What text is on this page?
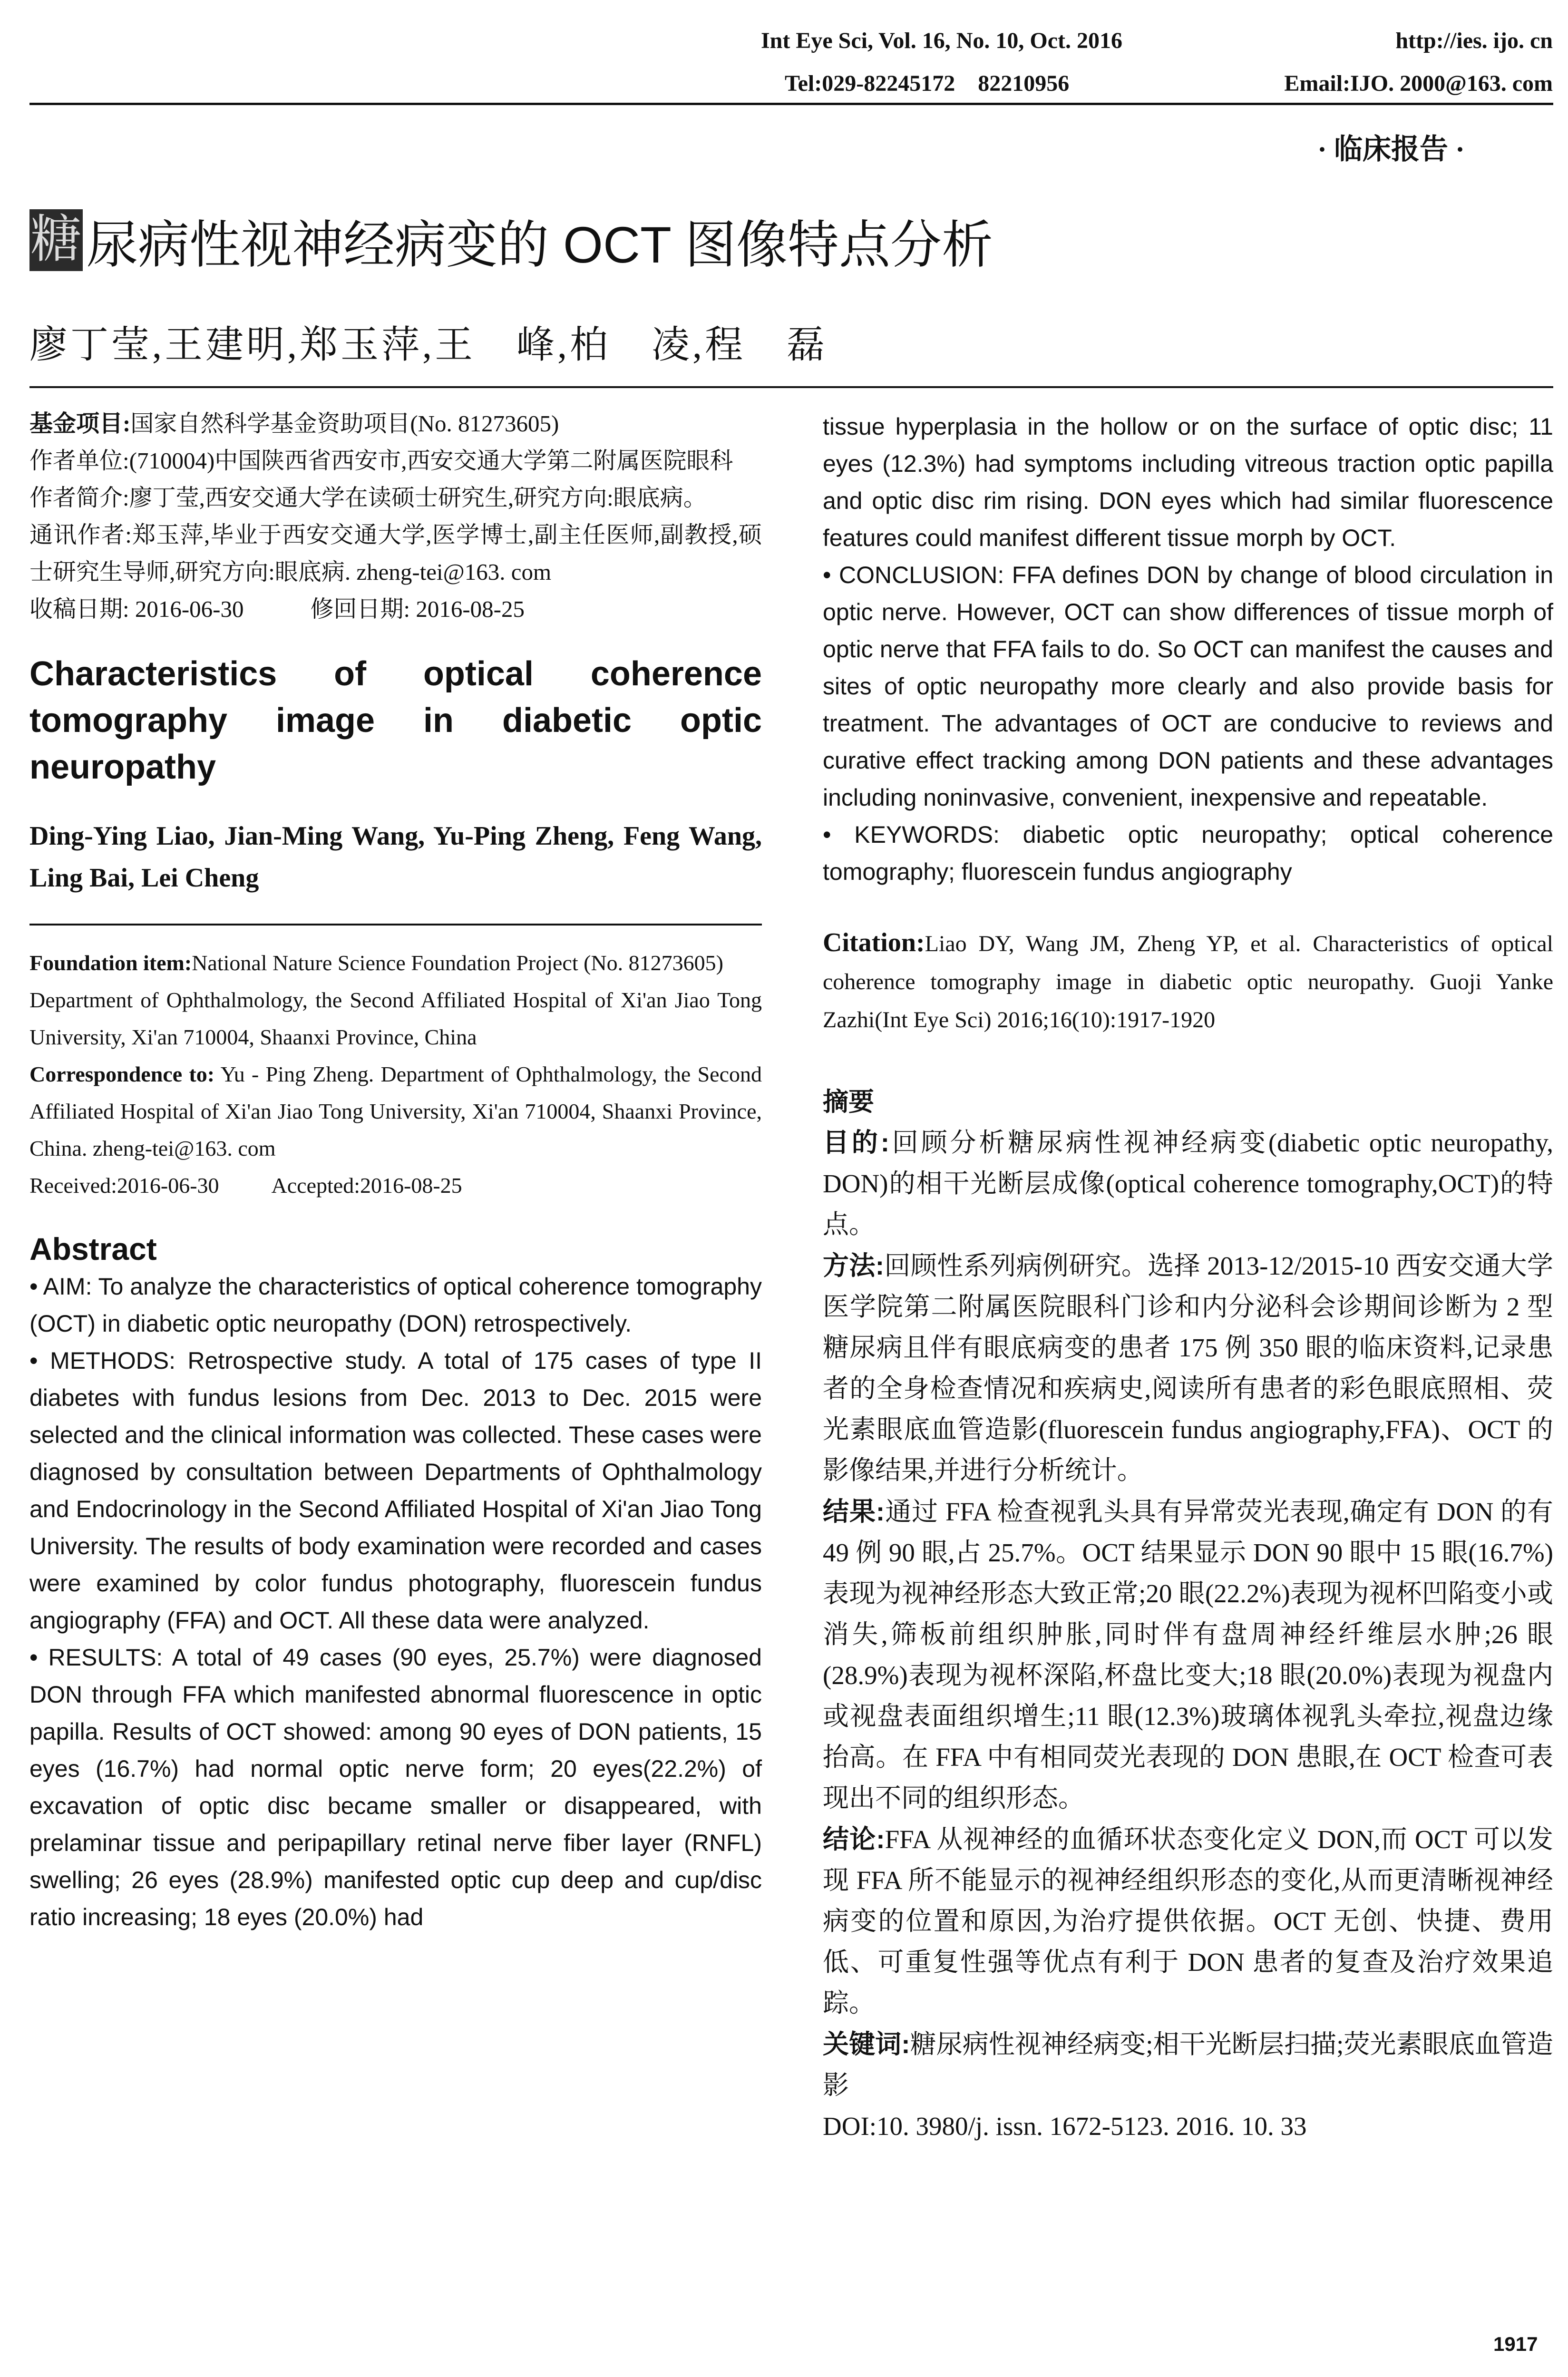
Int Eye Sci, Vol. 16, No. 10, Oct. 2016	http://ies. ijo. cn
Tel:029-82245172    82210956	Email:IJO. 2000@163. com
· 临床报告 ·
糖 尿病性视神经病变的 OCT 图像特点分析
廖丁莹,王建明,郑玉萍,王　峰,柏　凌,程　磊
基金项目:国家自然科学基金资助项目(No. 81273605)
作者单位:(710004)中国陕西省西安市,西安交通大学第二附属医院眼科
作者简介:廖丁莹,西安交通大学在读硕士研究生,研究方向:眼底病。
通讯作者:郑玉萍,毕业于西安交通大学,医学博士,副主任医师,副教授,硕士研究生导师,研究方向:眼底病. zheng-tei@163. com
收稿日期: 2016-06-30	修回日期: 2016-08-25
Characteristics of optical coherence tomography image in diabetic optic neuropathy
Ding-Ying Liao, Jian-Ming Wang, Yu-Ping Zheng, Feng Wang, Ling Bai, Lei Cheng
Foundation item:National Nature Science Foundation Project (No. 81273605)
Department of Ophthalmology, the Second Affiliated Hospital of Xi'an Jiao Tong University, Xi'an 710004, Shaanxi Province, China
Correspondence to: Yu - Ping Zheng. Department of Ophthalmology, the Second Affiliated Hospital of Xi'an Jiao Tong University, Xi'an 710004, Shaanxi Province, China. zheng-tei@163. com
Received:2016-06-30 Accepted:2016-08-25
Abstract
• AIM: To analyze the characteristics of optical coherence tomography (OCT) in diabetic optic neuropathy (DON) retrospectively.
• METHODS: Retrospective study. A total of 175 cases of type II diabetes with fundus lesions from Dec. 2013 to Dec. 2015 were selected and the clinical information was collected. These cases were diagnosed by consultation between Departments of Ophthalmology and Endocrinology in the Second Affiliated Hospital of Xi'an Jiao Tong University. The results of body examination were recorded and cases were examined by color fundus photography, fluorescein fundus angiography (FFA) and OCT. All these data were analyzed.
• RESULTS: A total of 49 cases (90 eyes, 25.7%) were diagnosed DON through FFA which manifested abnormal fluorescence in optic papilla. Results of OCT showed: among 90 eyes of DON patients, 15 eyes (16.7%) had normal optic nerve form; 20 eyes(22.2%) of excavation of optic disc became smaller or disappeared, with prelaminar tissue and peripapillary retinal nerve fiber layer (RNFL) swelling; 26 eyes (28.9%) manifested optic cup deep and cup/disc ratio increasing; 18 eyes (20.0%) had
tissue hyperplasia in the hollow or on the surface of optic disc; 11 eyes (12.3%) had symptoms including vitreous traction optic papilla and optic disc rim rising. DON eyes which had similar fluorescence features could manifest different tissue morph by OCT.
• CONCLUSION: FFA defines DON by change of blood circulation in optic nerve. However, OCT can show differences of tissue morph of optic nerve that FFA fails to do. So OCT can manifest the causes and sites of optic neuropathy more clearly and also provide basis for treatment. The advantages of OCT are conducive to reviews and curative effect tracking among DON patients and these advantages including noninvasive, convenient, inexpensive and repeatable.
• KEYWORDS: diabetic optic neuropathy; optical coherence tomography; fluorescein fundus angiography
Citation:Liao DY, Wang JM, Zheng YP, et al. Characteristics of optical coherence tomography image in diabetic optic neuropathy. Guoji Yanke Zazhi(Int Eye Sci) 2016;16(10):1917-1920
摘要
目的:回顾分析糖尿病性视神经病变(diabetic optic neuropathy, DON)的相干光断层成像(optical coherence tomography,OCT)的特点。
方法:回顾性系列病例研究。选择 2013-12/2015-10 西安交通大学医学院第二附属医院眼科门诊和内分泌科会诊期间诊断为 2 型糖尿病且伴有眼底病变的患者 175 例 350 眼的临床资料,记录患者的全身检查情况和疾病史,阅读所有患者的彩色眼底照相、荧光素眼底血管造影(fluorescein fundus angiography,FFA)、OCT 的影像结果,并进行分析统计。
结果:通过 FFA 检查视乳头具有异常荧光表现,确定有 DON 的有 49 例 90 眼,占 25.7%。OCT 结果显示 DON 90 眼中 15 眼(16.7%)表现为视神经形态大致正常;20 眼(22.2%)表现为视杯凹陷变小或消失,筛板前组织肿胀,同时伴有盘周神经纤维层水肿;26 眼(28.9%)表现为视杯深陷,杯盘比变大;18 眼(20.0%)表现为视盘内或视盘表面组织增生;11 眼(12.3%)玻璃体视乳头牵拉,视盘边缘抬高。在 FFA 中有相同荧光表现的 DON 患眼,在 OCT 检查可表现出不同的组织形态。
结论:FFA 从视神经的血循环状态变化定义 DON,而 OCT 可以发现 FFA 所不能显示的视神经组织形态的变化,从而更清晰视神经病变的位置和原因,为治疗提供依据。OCT 无创、快捷、费用低、可重复性强等优点有利于 DON 患者的复查及治疗效果追踪。
关键词:糖尿病性视神经病变;相干光断层扫描;荧光素眼底血管造影
DOI:10. 3980/j. issn. 1672-5123. 2016. 10. 33
1917
